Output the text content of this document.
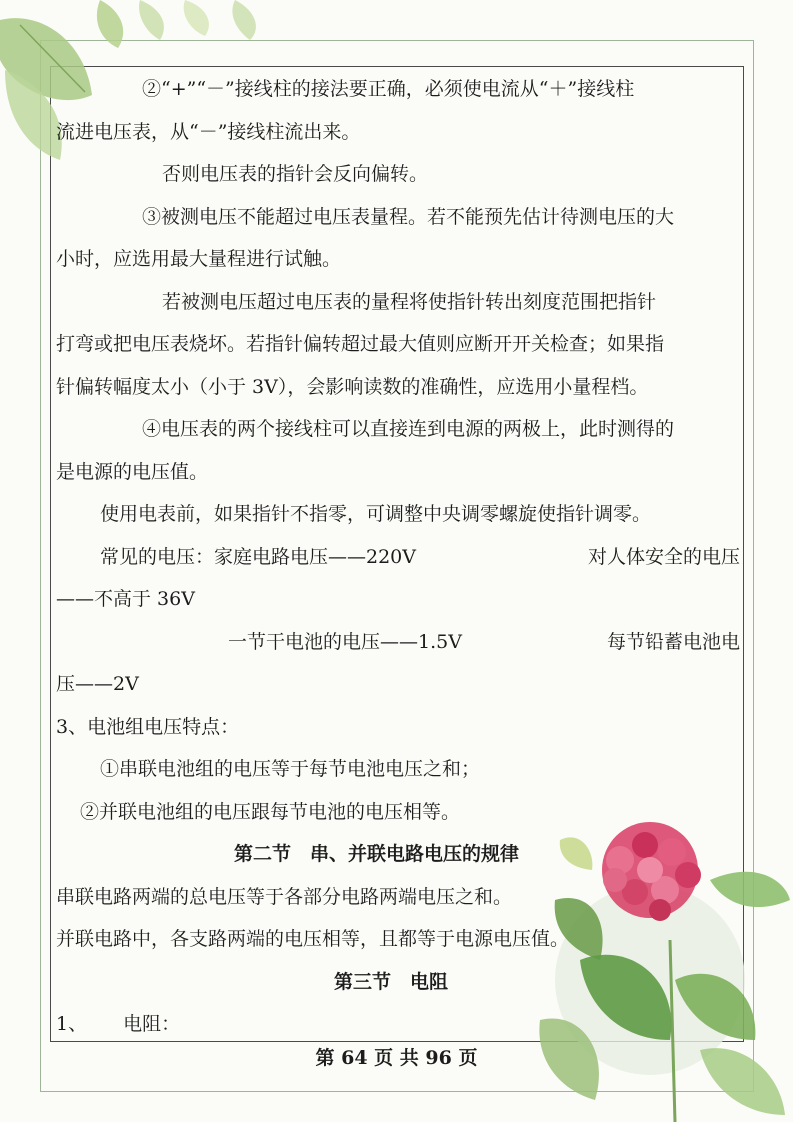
②“+”“－”接线柱的接法要正确，必须使电流从“＋”接线柱

流进电压表，从“－”接线柱流出来。

否则电压表的指针会反向偏转。

③被测电压不能超过电压表量程。若不能预先估计待测电压的大

小时，应选用最大量程进行试触。

若被测电压超过电压表的量程将使指针转出刻度范围把指针

打弯或把电压表烧坏。若指针偏转超过最大值则应断开开关检查；如果指

针偏转幅度太小（小于 3V），会影响读数的准确性，应选用小量程档。

④电压表的两个接线柱可以直接连到电源的两极上，此时测得的

是电源的电压值。

使用电表前，如果指针不指零，可调整中央调零螺旋使指针调零。

常见的电压：家庭电路电压——220V	对人体安全的电压

——不高于 36V

一节干电池的电压——1.5V	每节铅蓄电池电

压——2V

3、电池组电压特点：

①串联电池组的电压等于每节电池电压之和；

②并联电池组的电压跟每节电池的电压相等。

第二节　串、并联电路电压的规律

串联电路两端的总电压等于各部分电路两端电压之和。

并联电路中，各支路两端的电压相等，且都等于电源电压值。

第三节　电阻

1、 电阻：

第 64 页 共 96 页
